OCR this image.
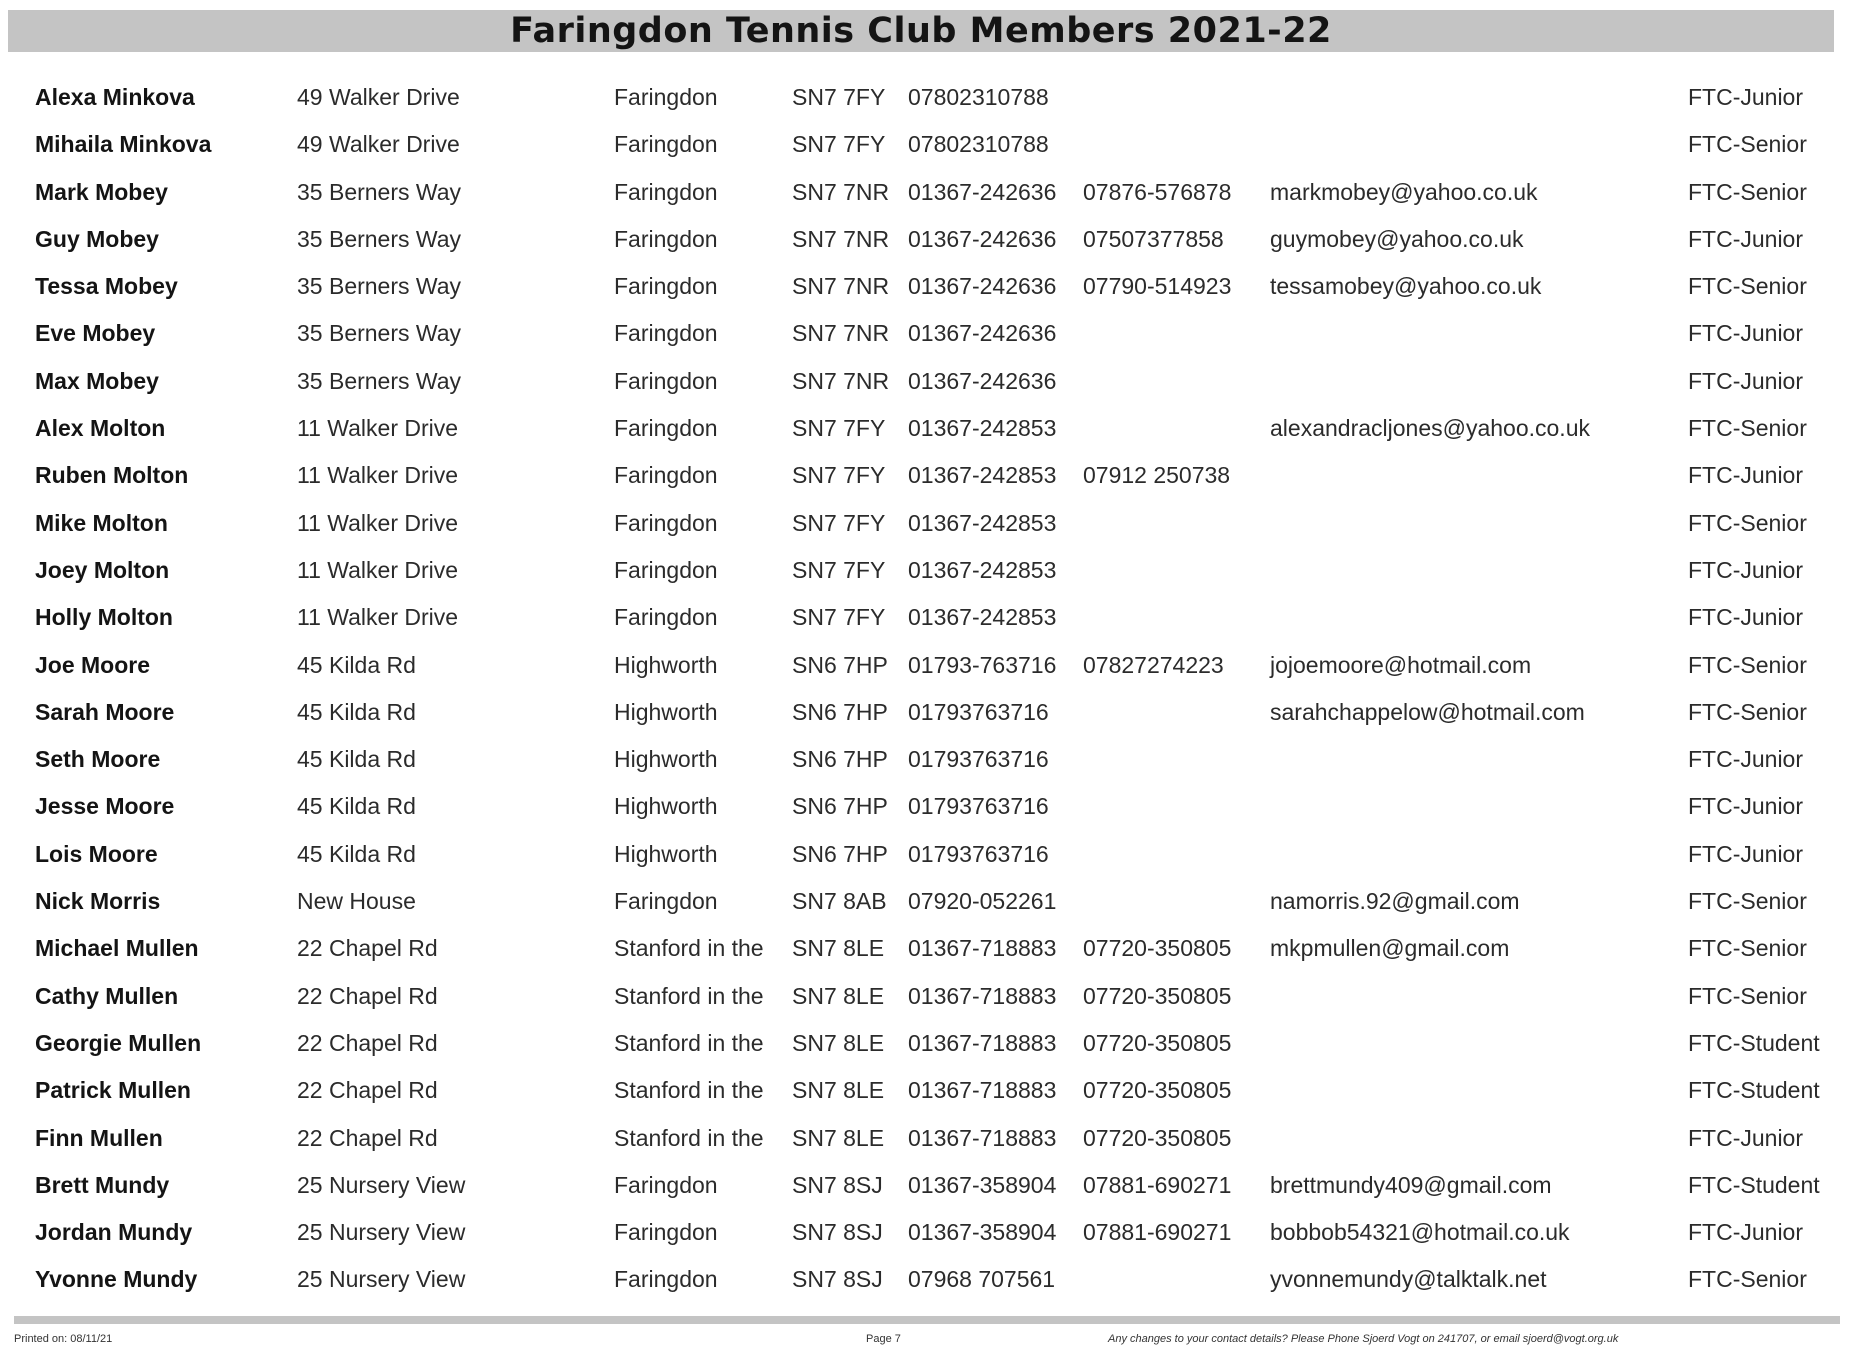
Faringdon Tennis Club Members 2021-22
Alexa Minkova	49 Walker Drive	Faringdon	SN7 7FY 07802310788	FTC-Junior
Mihaila Minkova	49 Walker Drive	Faringdon	SN7 7FY 07802310788	FTC-Senior
Mark Mobey	35 Berners Way	Faringdon	SN7 7NR 01367-242636 07876-576878 markmobey@yahoo.co.uk	FTC-Senior
Guy Mobey	35 Berners Way	Faringdon	SN7 7NR 01367-242636 07507377858 guymobey@yahoo.co.uk	FTC-Junior
Tessa Mobey	35 Berners Way	Faringdon	SN7 7NR 01367-242636 07790-514923 tessamobey@yahoo.co.uk	FTC-Senior
Eve Mobey	35 Berners Way	Faringdon	SN7 7NR 01367-242636	FTC-Junior
Max Mobey	35 Berners Way	Faringdon	SN7 7NR 01367-242636	FTC-Junior
Alex Molton	11 Walker Drive	Faringdon	SN7 7FY 01367-242853	alexandracljones@yahoo.co.uk	FTC-Senior
Ruben Molton	11 Walker Drive	Faringdon	SN7 7FY 01367-242853 07912 250738	FTC-Junior
Mike Molton	11 Walker Drive	Faringdon	SN7 7FY 01367-242853	FTC-Senior
Joey Molton	11 Walker Drive	Faringdon	SN7 7FY 01367-242853	FTC-Junior
Holly Molton	11 Walker Drive	Faringdon	SN7 7FY 01367-242853	FTC-Junior
Joe Moore	45 Kilda Rd	Highworth	SN6 7HP 01793-763716 07827274223 jojoemoore@hotmail.com	FTC-Senior
Sarah Moore	45 Kilda Rd	Highworth	SN6 7HP 01793763716	sarahchappelow@hotmail.com	FTC-Senior
Seth Moore	45 Kilda Rd	Highworth	SN6 7HP 01793763716	FTC-Junior
Jesse Moore	45 Kilda Rd	Highworth	SN6 7HP 01793763716	FTC-Junior
Lois Moore	45 Kilda Rd	Highworth	SN6 7HP 01793763716	FTC-Junior
Nick Morris	New House	Faringdon	SN7 8AB 07920-052261	namorris.92@gmail.com	FTC-Senior
Michael Mullen	22 Chapel Rd	Stanford in the SN7 8LE 01367-718883 07720-350805 mkpmullen@gmail.com	FTC-Senior
Cathy Mullen	22 Chapel Rd	Stanford in the SN7 8LE 01367-718883 07720-350805	FTC-Senior
Georgie Mullen	22 Chapel Rd	Stanford in the SN7 8LE 01367-718883 07720-350805	FTC-Student
Patrick Mullen	22 Chapel Rd	Stanford in the SN7 8LE 01367-718883 07720-350805	FTC-Student
Finn Mullen	22 Chapel Rd	Stanford in the SN7 8LE 01367-718883 07720-350805	FTC-Junior
Brett Mundy	25 Nursery View	Faringdon	SN7 8SJ 01367-358904 07881-690271 brettmundy409@gmail.com	FTC-Student
Jordan Mundy	25 Nursery View	Faringdon	SN7 8SJ 01367-358904 07881-690271 bobbob54321@hotmail.co.uk	FTC-Junior
Yvonne Mundy	25 Nursery View	Faringdon	SN7 8SJ 07968 707561	yvonnemundy@talktalk.net	FTC-Senior
Printed on: 08/11/21	Page 7	Any changes to your contact details? Please Phone Sjoerd Vogt on 241707, or email sjoerd@vogt.org.uk
